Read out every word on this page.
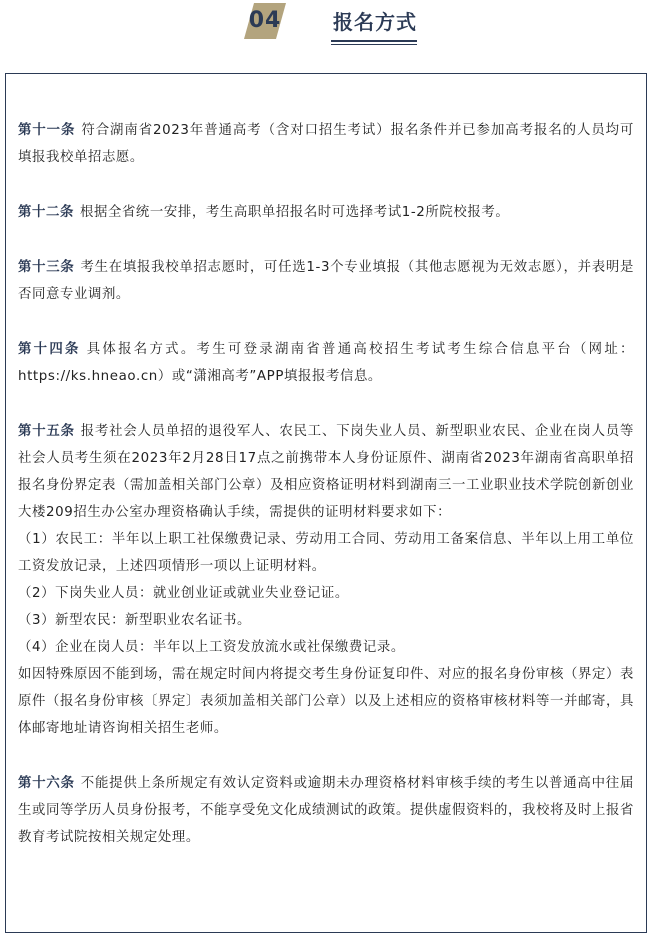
04	报名方式

第十一条 符合湖南省2023年普通高考（含对口招生考试）报名条件并已参加高考报名的人员均可填报我校单招志愿。

第十二条 根据全省统一安排，考生高职单招报名时可选择考试1-2所院校报考。

第十三条 考生在填报我校单招志愿时，可任选1-3个专业填报（其他志愿视为无效志愿），并表明是否同意专业调剂。

第十四条 具体报名方式。考生可登录湖南省普通高校招生考试考生综合信息平台（网址：https://ks.hneao.cn）或“潇湘高考”APP填报报考信息。

第十五条 报考社会人员单招的退役军人、农民工、下岗失业人员、新型职业农民、企业在岗人员等社会人员考生须在2023年2月28日17点之前携带本人身份证原件、湖南省2023年湖南省高职单招报名身份界定表（需加盖相关部门公章）及相应资格证明材料到湖南三一工业职业技术学院创新创业大楼209招生办公室办理资格确认手续，需提供的证明材料要求如下：

（1）农民工：半年以上职工社保缴费记录、劳动用工合同、劳动用工备案信息、半年以上用工单位工资发放记录，上述四项情形一项以上证明材料。

（2）下岗失业人员：就业创业证或就业失业登记证。

（3）新型农民：新型职业农名证书。

（4）企业在岗人员：半年以上工资发放流水或社保缴费记录。

如因特殊原因不能到场，需在规定时间内将提交考生身份证复印件、对应的报名身份审核（界定）表原件（报名身份审核〔界定〕表须加盖相关部门公章）以及上述相应的资格审核材料等一并邮寄，具体邮寄地址请咨询相关招生老师。

第十六条 不能提供上条所规定有效认定资料或逾期未办理资格材料审核手续的考生以普通高中往届生或同等学历人员身份报考，不能享受免文化成绩测试的政策。提供虚假资料的，我校将及时上报省教育考试院按相关规定处理。
